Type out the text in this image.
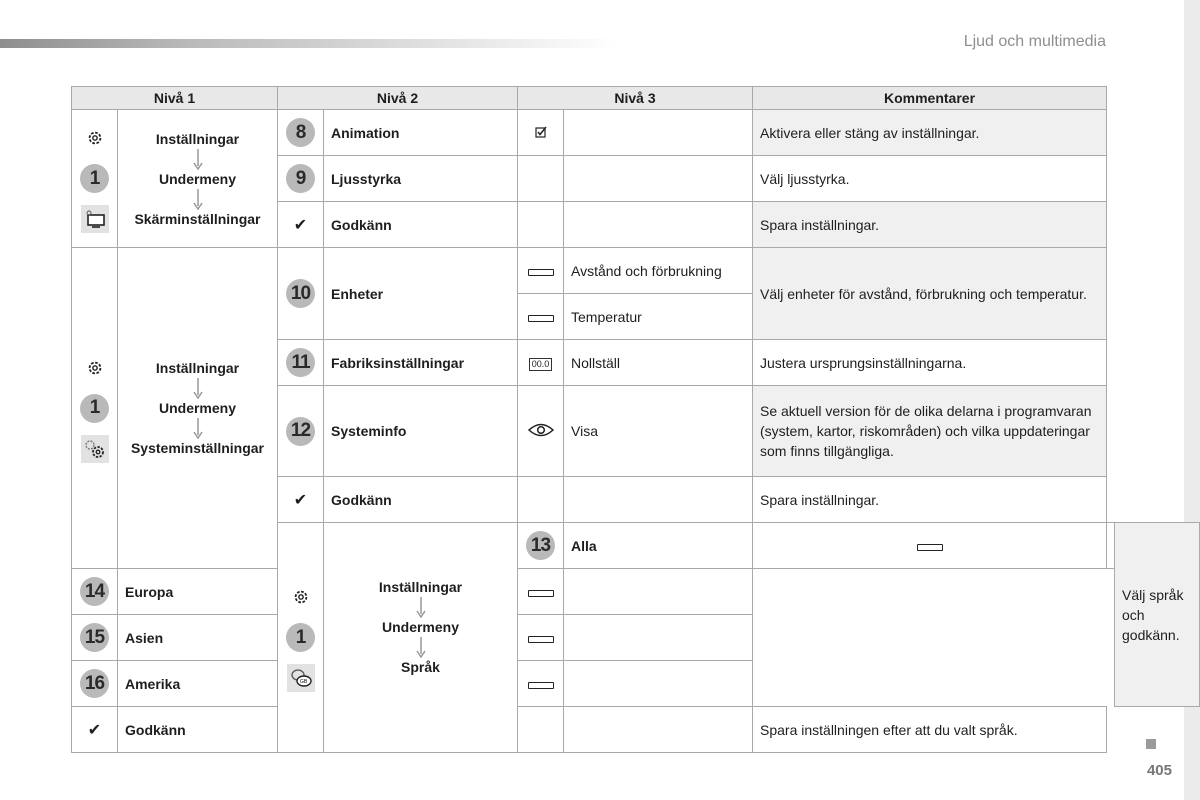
Ljud och multimedia
Nivå 1		Nivå 2		Nivå 3		Kommentarer		

1	Inställningar
Undermeny
Skärminställningar	8	Animation			Aktivera eller stäng av inställningar.		
		9	Ljusstyrka			Välj ljusstyrka.		
		✔	Godkänn			Spara inställningar.		

1	Inställningar
Undermeny
Systeminställningar	10	Enheter		Avstånd och förbrukning	Välj enheter för avstånd, förbrukning och temperatur.		
					Temperatur			
		11	Fabriksinställningar	00.0	Nollställ	Justera ursprungsinställningarna.		
		12	Systeminfo		Visa	Se aktuell version för de olika delarna i programvaran (system, kartor, riskområden) och vilka uppdateringar som finns tillgängliga.		
		✔	Godkänn			Spara inställningar.		

1
GB	Inställningar
Undermeny
Språk	13	Alla			Välj språk och godkänn.
14	Europa							
15	Asien							
16	Amerika							
✔	Godkänn					Spara inställningen efter att du valt språk.		
405
